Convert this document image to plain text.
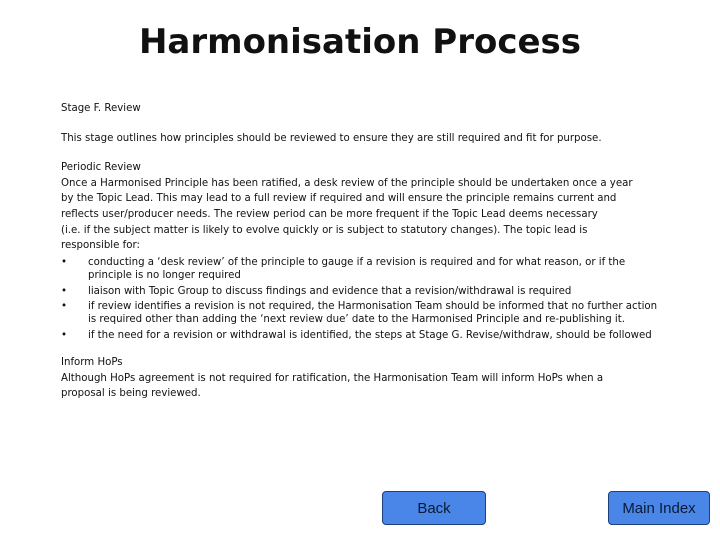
Harmonisation Process

Stage F. Review

This stage outlines how principles should be reviewed to ensure they are still required and fit for purpose.

Periodic Review

Once a Harmonised Principle has been ratified, a desk review of the principle should be undertaken once a year

by the Topic Lead. This may lead to a full review if required and will ensure the principle remains current and

reflects user/producer needs. The review period can be more frequent if the Topic Lead deems necessary

(i.e. if the subject matter is likely to evolve quickly or is subject to statutory changes). The topic lead is

responsible for:

• conducting a ‘desk review’ of the principle to gauge if a revision is required and for what reason, or if the principle is no longer required
• liaison with Topic Group to discuss findings and evidence that a revision/withdrawal is required
• if review identifies a revision is not required, the Harmonisation Team should be informed that no further action is required other than adding the ‘next review due’ date to the Harmonised Principle and re-publishing it.
• if the need for a revision or withdrawal is identified, the steps at Stage G. Revise/withdraw, should be followed

Inform HoPs

Although HoPs agreement is not required for ratification, the Harmonisation Team will inform HoPs when a

proposal is being reviewed.

Back	Main Index
